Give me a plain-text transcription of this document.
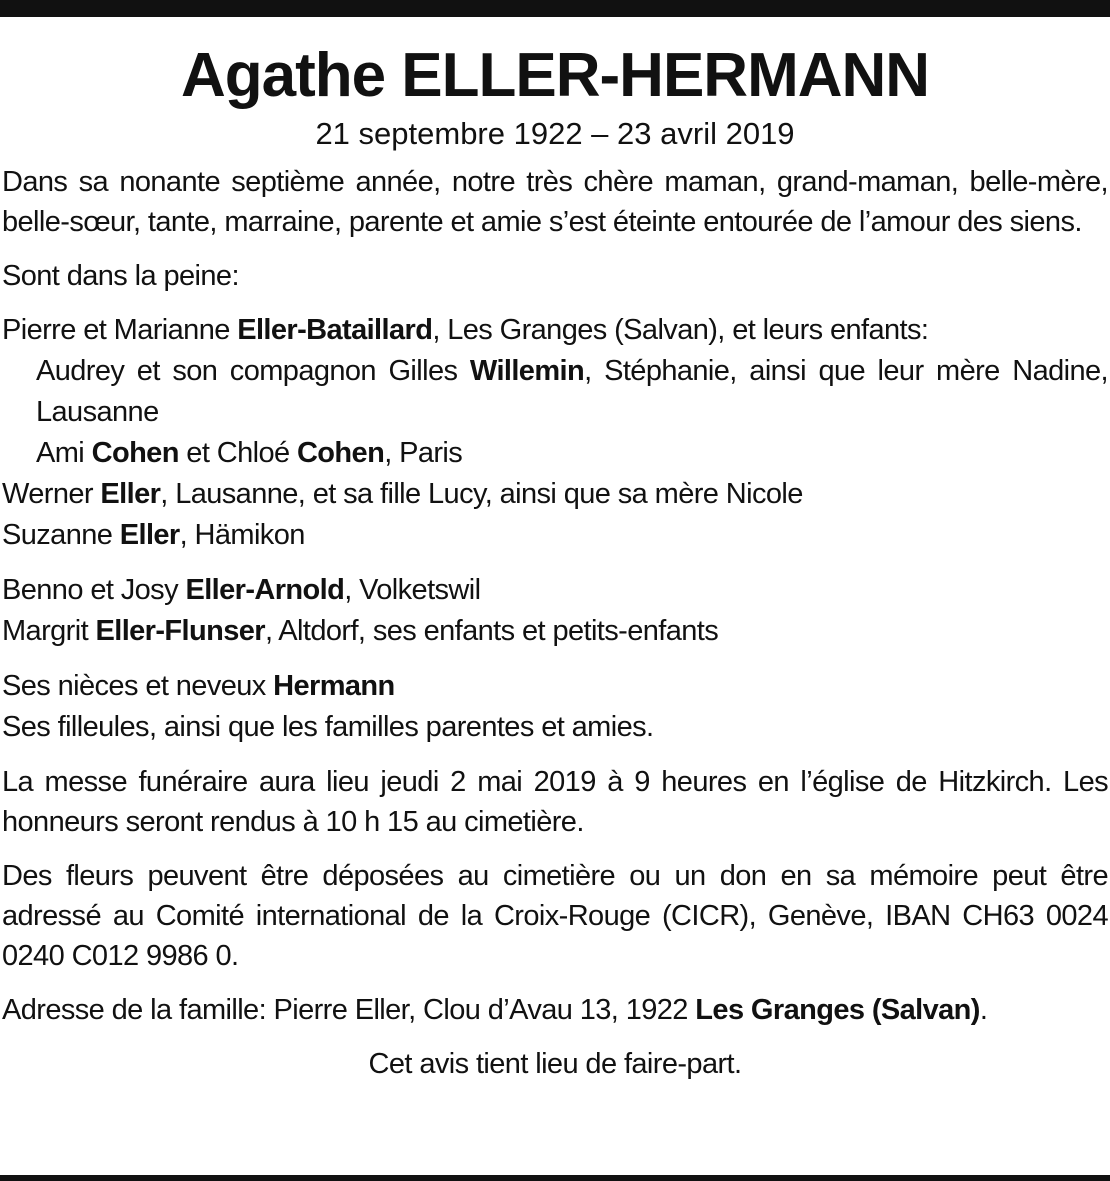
Agathe ELLER-HERMANN
21 septembre 1922 – 23 avril 2019

Dans sa nonante septième année, notre très chère maman, grand-maman, belle-mère, belle-sœur, tante, marraine, parente et amie s’est éteinte entourée de l’amour des siens.

Sont dans la peine:

Pierre et Marianne Eller-Bataillard, Les Granges (Salvan), et leurs enfants:
Audrey et son compagnon Gilles Willemin, Stéphanie, ainsi que leur mère Nadine, Lausanne
Ami Cohen et Chloé Cohen, Paris
Werner Eller, Lausanne, et sa fille Lucy, ainsi que sa mère Nicole
Suzanne Eller, Hämikon
Benno et Josy Eller-Arnold, Volketswil
Margrit Eller-Flunser, Altdorf, ses enfants et petits-enfants
Ses nièces et neveux Hermann
Ses filleules, ainsi que les familles parentes et amies.

La messe funéraire aura lieu jeudi 2 mai 2019 à 9 heures en l’église de Hitzkirch. Les honneurs seront rendus à 10 h 15 au cimetière.

Des fleurs peuvent être déposées au cimetière ou un don en sa mémoire peut être adressé au Comité international de la Croix-Rouge (CICR), Genève, IBAN CH63 0024 0240 C012 9986 0.

Adresse de la famille: Pierre Eller, Clou d’Avau 13, 1922 Les Granges (Salvan).

Cet avis tient lieu de faire-part.
